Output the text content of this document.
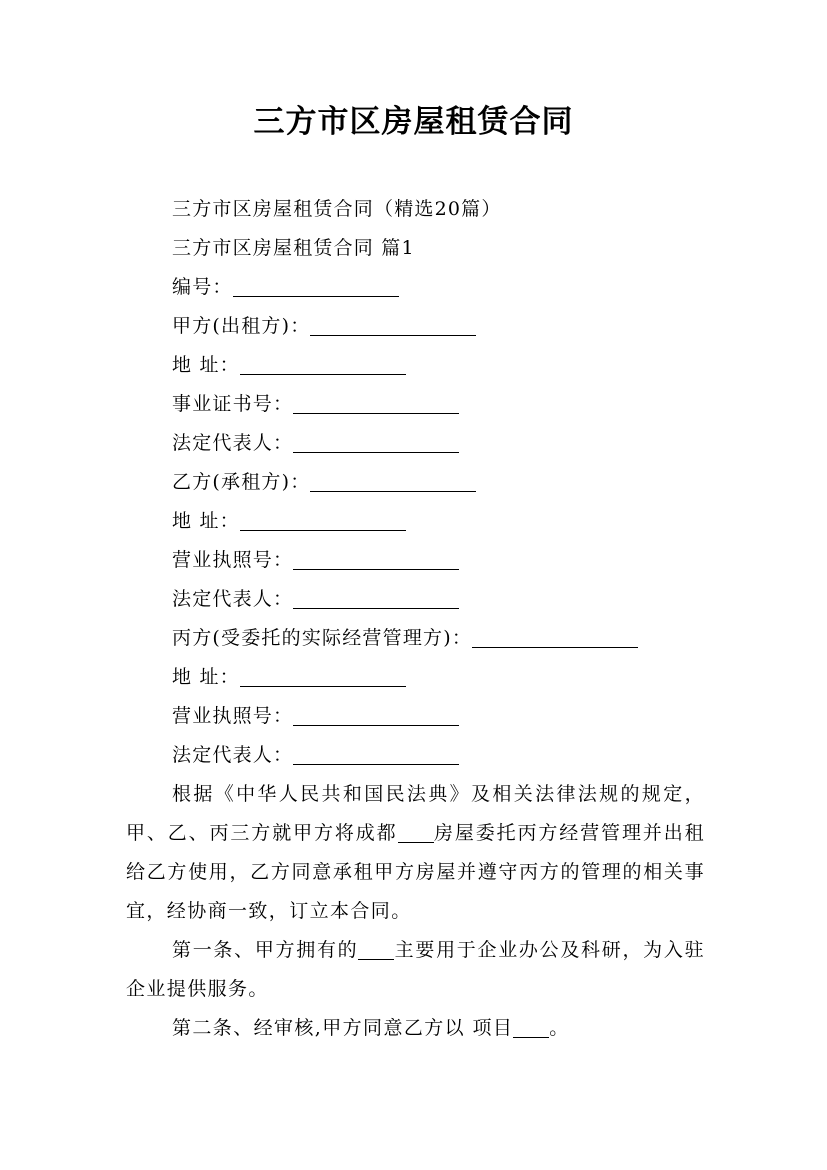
三方市区房屋租赁合同
三方市区房屋租赁合同（精选20篇）
三方市区房屋租赁合同 篇1
编号：
甲方(出租方)：
地 址：
事业证书号：
法定代表人：
乙方(承租方)：
地 址：
营业执照号：
法定代表人：
丙方(受委托的实际经营管理方)：
地 址：
营业执照号：
法定代表人：
根据《中华人民共和国民法典》及相关法律法规的规定，甲、乙、丙三方就甲方将成都 房屋委托丙方经营管理并出租给乙方使用，乙方同意承租甲方房屋并遵守丙方的管理的相关事宜，经协商一致，订立本合同。
第一条、甲方拥有的 主要用于企业办公及科研，为入驻企业提供服务。
第二条、经审核,甲方同意乙方以 项目 。
